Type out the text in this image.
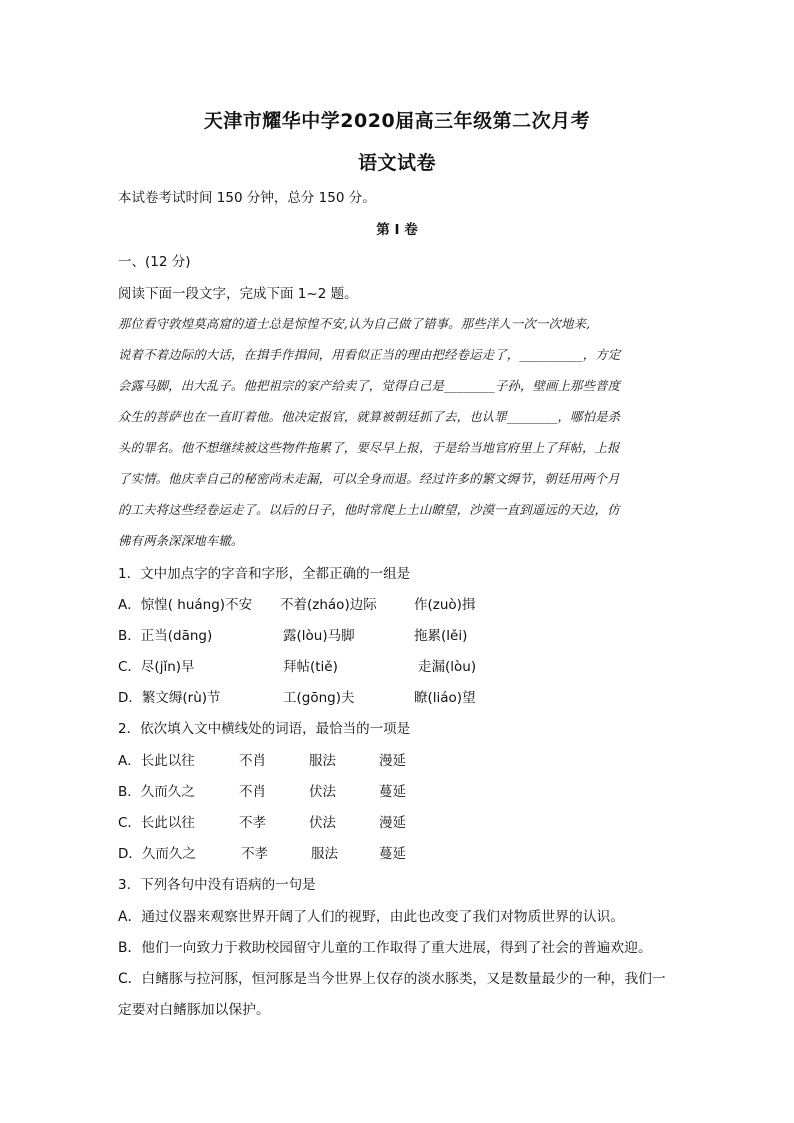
天津市耀华中学2020届高三年级第二次月考
语文试卷
本试卷考试时间 150 分钟，总分 150 分。
第 Ⅰ 卷
一、(12 分)
阅读下面一段文字，完成下面 1~2 题。
那位看守敦煌莫高窟的道士总是惊惶不安,认为自己做了错事。那些洋人一次一次地来,
说着不着边际的大话，在揖手作揖间，用看似正当的理由把经卷运走了，__________，方定
会露马脚，出大乱子。他把祖宗的家产给卖了，觉得自己是________子孙，壁画上那些普度
众生的菩萨也在一直盯着他。他决定报官，就算被朝廷抓了去，也认罪________，哪怕是杀
头的罪名。他不想继续被这些物件拖累了，要尽早上报，于是给当地官府里上了拜帖，上报
了实情。他庆幸自己的秘密尚未走漏，可以全身而退。经过许多的繁文缛节，朝廷用两个月
的工夫将这些经卷运走了。以后的日子，他时常爬上土山瞭望，沙漠一直到遥远的天边，仿
佛有两条深深地车辙。
1．文中加点字的字音和字形，全都正确的一组是
A．惊惶( huáng)不安 不着(zháo)边际	作(zuò)揖
B．正当(dāng)	露(lòu)马脚	拖累(lěi)
C．尽(jǐn)早	拜帖(tiě)	走漏(lòu)
D．繁文缛(rù)节	工(gōng)夫	瞭(liáo)望
2．依次填入文中横线处的词语，最恰当的一项是
A．长此以往	不肖	服法	漫延
B．久而久之	不肖	伏法	蔓延
C．长此以往	不孝	伏法	漫延
D．久而久之	不孝	服法	蔓延
3．下列各句中没有语病的一句是
A．通过仪器来观察世界开阔了人们的视野，由此也改变了我们对物质世界的认识。
B．他们一向致力于救助校园留守儿童的工作取得了重大进展，得到了社会的普遍欢迎。
C．白鳍豚与拉河豚，恒河豚是当今世界上仅存的淡水豚类，又是数量最少的一种，我们一
定要对白鳍豚加以保护。
